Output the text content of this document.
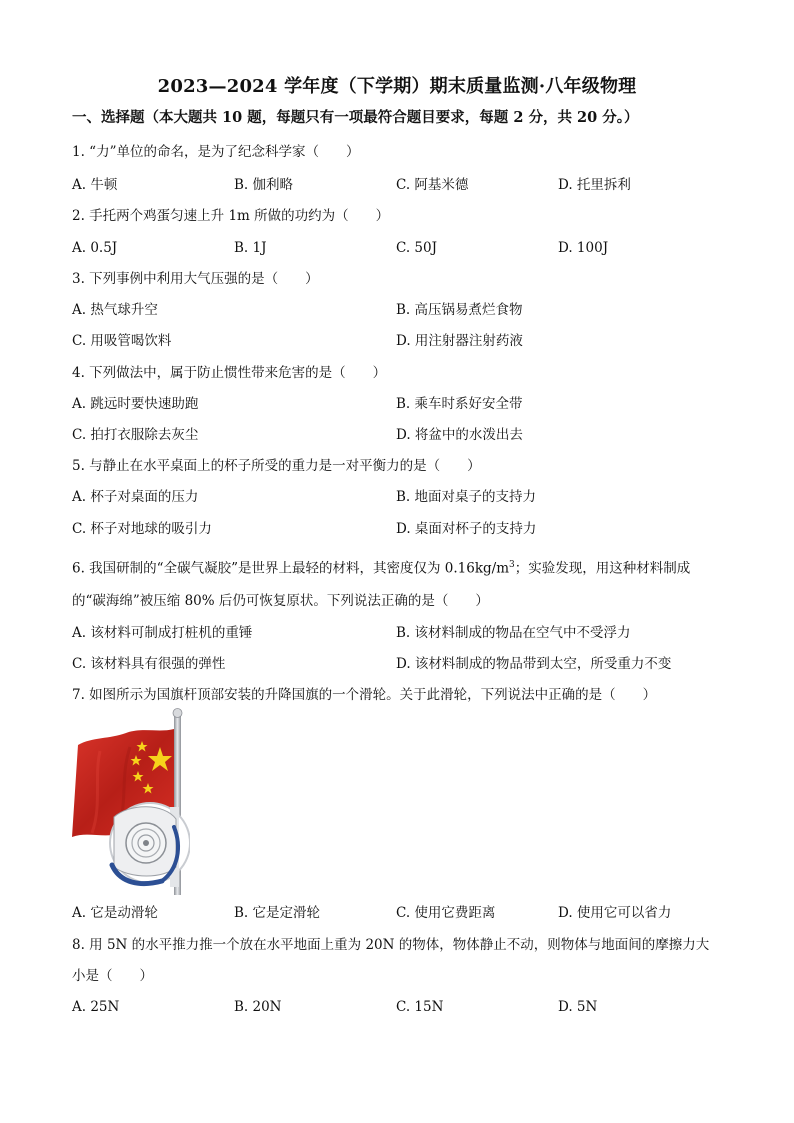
2023—2024 学年度（下学期）期末质量监测·八年级物理
一、选择题（本大题共 10 题，每题只有一项最符合题目要求，每题 2 分，共 20 分。）
1. “力”单位的命名，是为了纪念科学家（　　）
A. 牛顿	B. 伽利略	C. 阿基米德	D. 托里拆利
2. 手托两个鸡蛋匀速上升 1m 所做的功约为（　　）
A. 0.5J	B. 1J	C. 50J	D. 100J
3. 下列事例中利用大气压强的是（　　）
A. 热气球升空	B. 高压锅易煮烂食物
C. 用吸管喝饮料	D. 用注射器注射药液
4. 下列做法中，属于防止惯性带来危害的是（　　）
A. 跳远时要快速助跑	B. 乘车时系好安全带
C. 拍打衣服除去灰尘	D. 将盆中的水泼出去
5. 与静止在水平桌面上的杯子所受的重力是一对平衡力的是（　　）
A. 杯子对桌面的压力	B. 地面对桌子的支持力
C. 杯子对地球的吸引力	D. 桌面对杯子的支持力
6. 我国研制的“全碳气凝胶”是世界上最轻的材料，其密度仅为 $0.16kg/m^3$；实验发现，用这种材料制成
的“碳海绵”被压缩 80% 后仍可恢复原状。下列说法正确的是（　　）
A. 该材料可制成打桩机的重锤	B. 该材料制成的物品在空气中不受浮力
C. 该材料具有很强的弹性	D. 该材料制成的物品带到太空，所受重力不变
7. 如图所示为国旗杆顶部安装的升降国旗的一个滑轮。关于此滑轮，下列说法中正确的是（　　）
A. 它是动滑轮	B. 它是定滑轮	C. 使用它费距离	D. 使用它可以省力
8. 用 5N 的水平推力推一个放在水平地面上重为 20N 的物体，物体静止不动，则物体与地面间的摩擦力大
小是（　　）
A. 25N	B. 20N	C. 15N	D. 5N
